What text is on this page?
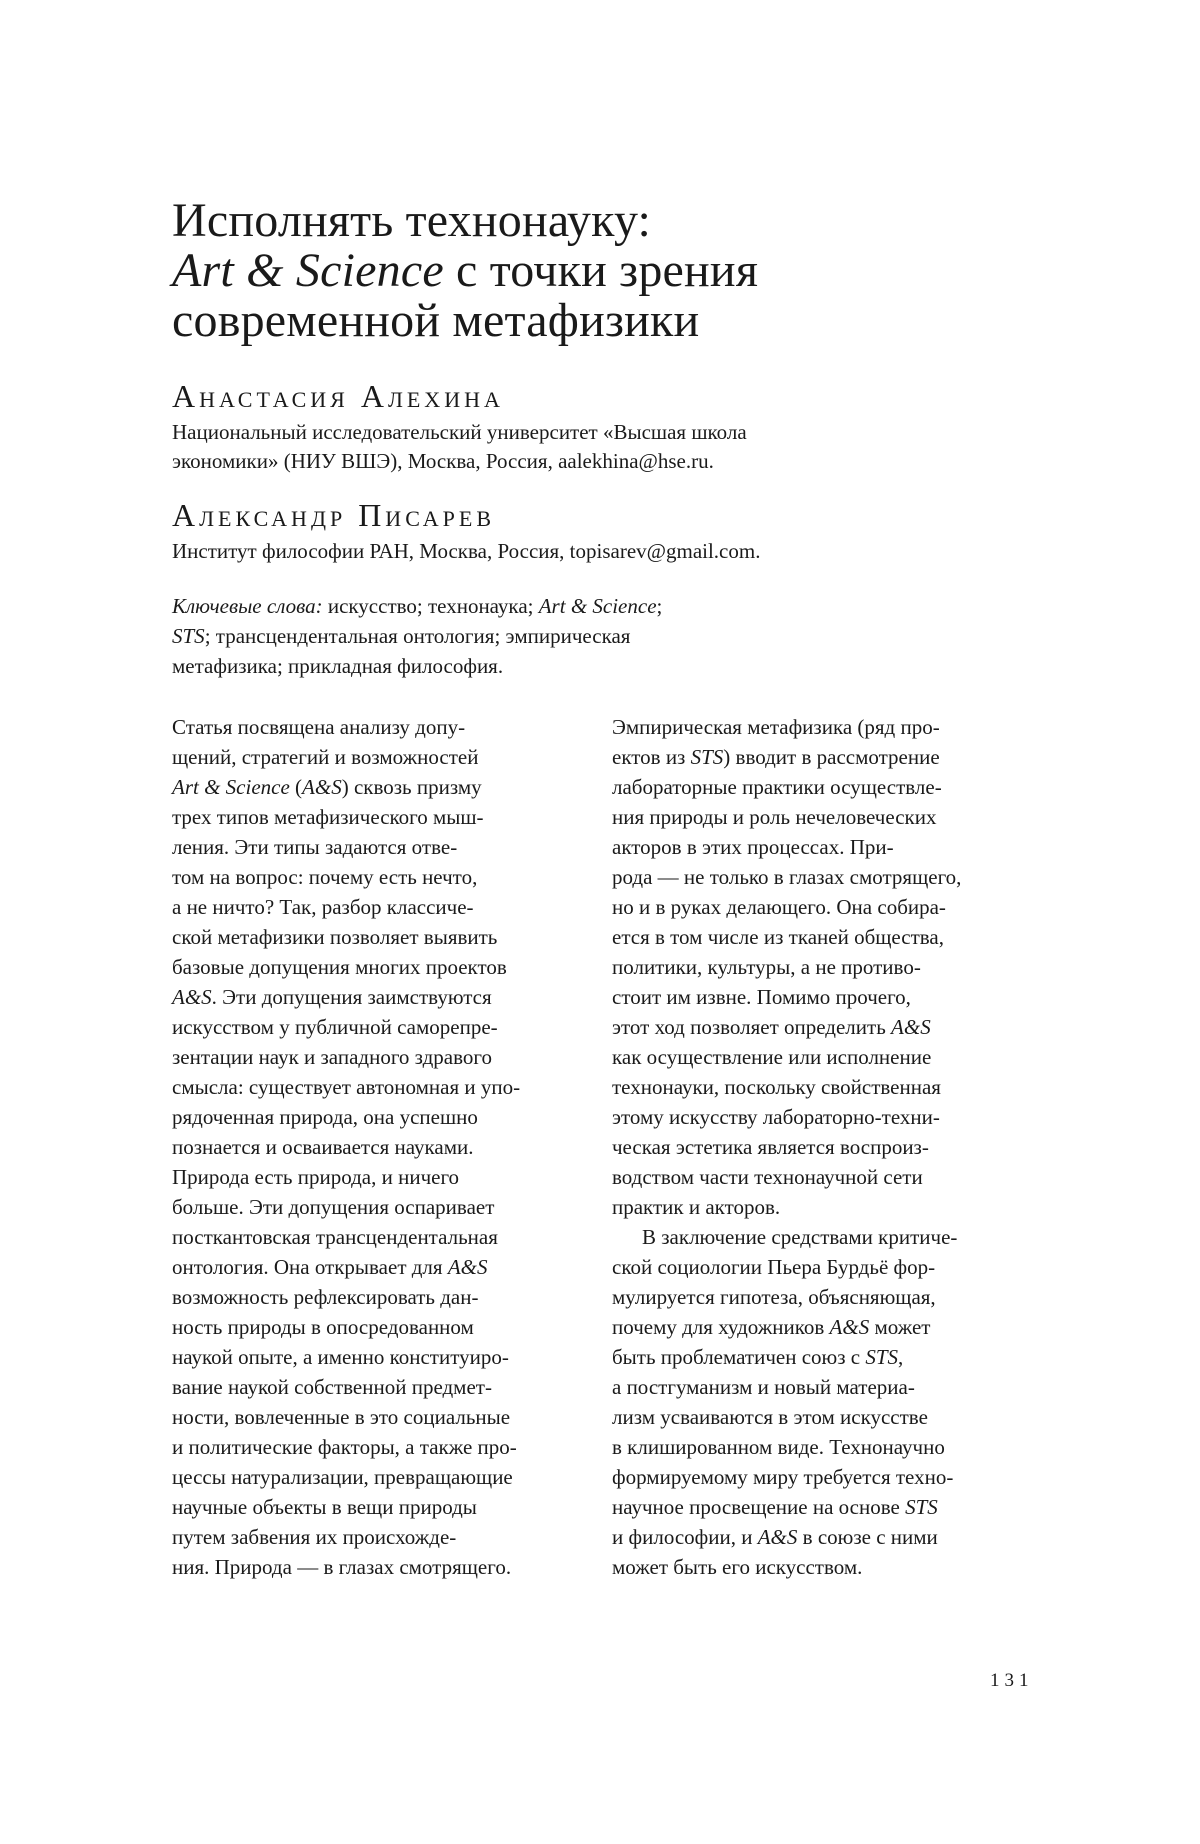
Исполнять технонауку:
Art & Science с точки зрения
современной метафизики
Анастасия Алехина
Национальный исследовательский университет «Высшая школа
экономики» (НИУ ВШЭ), Москва, Россия, aalekhina@hse.ru.
Александр Писарев
Институт философии РАН, Москва, Россия, topisarev@gmail.com.
Ключевые слова: искусство; технонаука; Art & Science;
STS; трансцендентальная онтология; эмпирическая
метафизика; прикладная философия.
Статья посвящена анализу допу-
щений, стратегий и возможностей
Art & Science (A&S) сквозь призму
трех типов метафизического мыш-
ления. Эти типы задаются отве-
том на вопрос: почему есть нечто,
а не ничто? Так, разбор классиче-
ской метафизики позволяет выявить
базовые допущения многих проектов
A&S. Эти допущения заимствуются
искусством у публичной саморепре-
зентации наук и западного здравого
смысла: существует автономная и упо-
рядоченная природа, она успешно
познается и осваивается науками.
Природа есть природа, и ничего
больше. Эти допущения оспаривает
посткантовская трансцендентальная
онтология. Она открывает для A&S
возможность рефлексировать дан-
ность природы в опосредованном
наукой опыте, а именно конституиро-
вание наукой собственной предмет-
ности, вовлеченные в это социальные
и политические факторы, а также про-
цессы натурализации, превращающие
научные объекты в вещи природы
путем забвения их происхожде-
ния. Природа — в глазах смотрящего.
Эмпирическая метафизика (ряд про-
ектов из STS) вводит в рассмотрение
лабораторные практики осуществле-
ния природы и роль нечеловеческих
акторов в этих процессах. При-
рода — не только в глазах смотрящего,
но и в руках делающего. Она собира-
ется в том числе из тканей общества,
политики, культуры, а не противо-
стоит им извне. Помимо прочего,
этот ход позволяет определить A&S
как осуществление или исполнение
технонауки, поскольку свойственная
этому искусству лабораторно-техни-
ческая эстетика является воспроиз-
водством части технонаучной сети
практик и акторов.
В заключение средствами критиче-
ской социологии Пьера Бурдьё фор-
мулируется гипотеза, объясняющая,
почему для художников A&S может
быть проблематичен союз с STS,
а постгуманизм и новый материа-
лизм усваиваются в этом искусстве
в клишированном виде. Технонаучно
формируемому миру требуется техно-
научное просвещение на основе STS
и философии, и A&S в союзе с ними
может быть его искусством.
131
